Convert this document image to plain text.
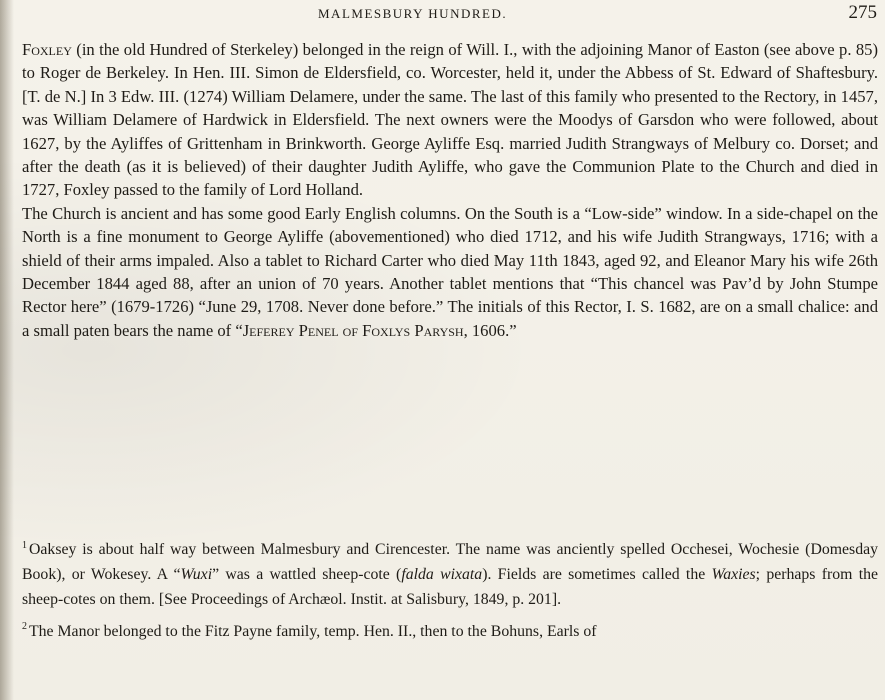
MALMESBURY HUNDRED.	275

Foxley (in the old Hundred of Sterkeley) belonged in the reign of Will. I., with the adjoining Manor of Easton (see above p. 85) to Roger de Berkeley. In Hen. III. Simon de Eldersfield, co. Worcester, held it, under the Abbess of St. Edward of Shaftesbury. [T. de N.] In 3 Edw. III. (1274) William Delamere, under the same. The last of this family who presented to the Rectory, in 1457, was William Delamere of Hardwick in Eldersfield. The next owners were the Moodys of Garsdon who were followed, about 1627, by the Ayliffes of Grittenham in Brinkworth. George Ayliffe Esq. married Judith Strangways of Melbury co. Dorset; and after the death (as it is believed) of their daughter Judith Ayliffe, who gave the Communion Plate to the Church and died in 1727, Foxley passed to the family of Lord Holland.

The Church is ancient and has some good Early English columns. On the South is a “Low-side” window. In a side-chapel on the North is a fine monument to George Ayliffe (abovementioned) who died 1712, and his wife Judith Strangways, 1716; with a shield of their arms impaled. Also a tablet to Richard Carter who died May 11th 1843, aged 92, and Eleanor Mary his wife 26th December 1844 aged 88, after an union of 70 years. Another tablet mentions that “This chancel was Pav’d by John Stumpe Rector here” (1679-1726) “June 29, 1708. Never done before.” The initials of this Rector, I. S. 1682, are on a small chalice: and a small paten bears the name of “Jeferey Penel of Foxlys Parysh, 1606.”

$^1$ Oaksey is about half way between Malmesbury and Cirencester. The name was anciently spelled Occhesei, Wochesie (Domesday Book), or Wokesey. A “Wuxi” was a wattled sheep-cote (falda wixata). Fields are sometimes called the Waxies; perhaps from the sheep-cotes on them. [See Proceedings of Archæol. Instit. at Salisbury, 1849, p. 201].

$^2$ The Manor belonged to the Fitz Payne family, temp. Hen. II., then to the Bohuns, Earls of
